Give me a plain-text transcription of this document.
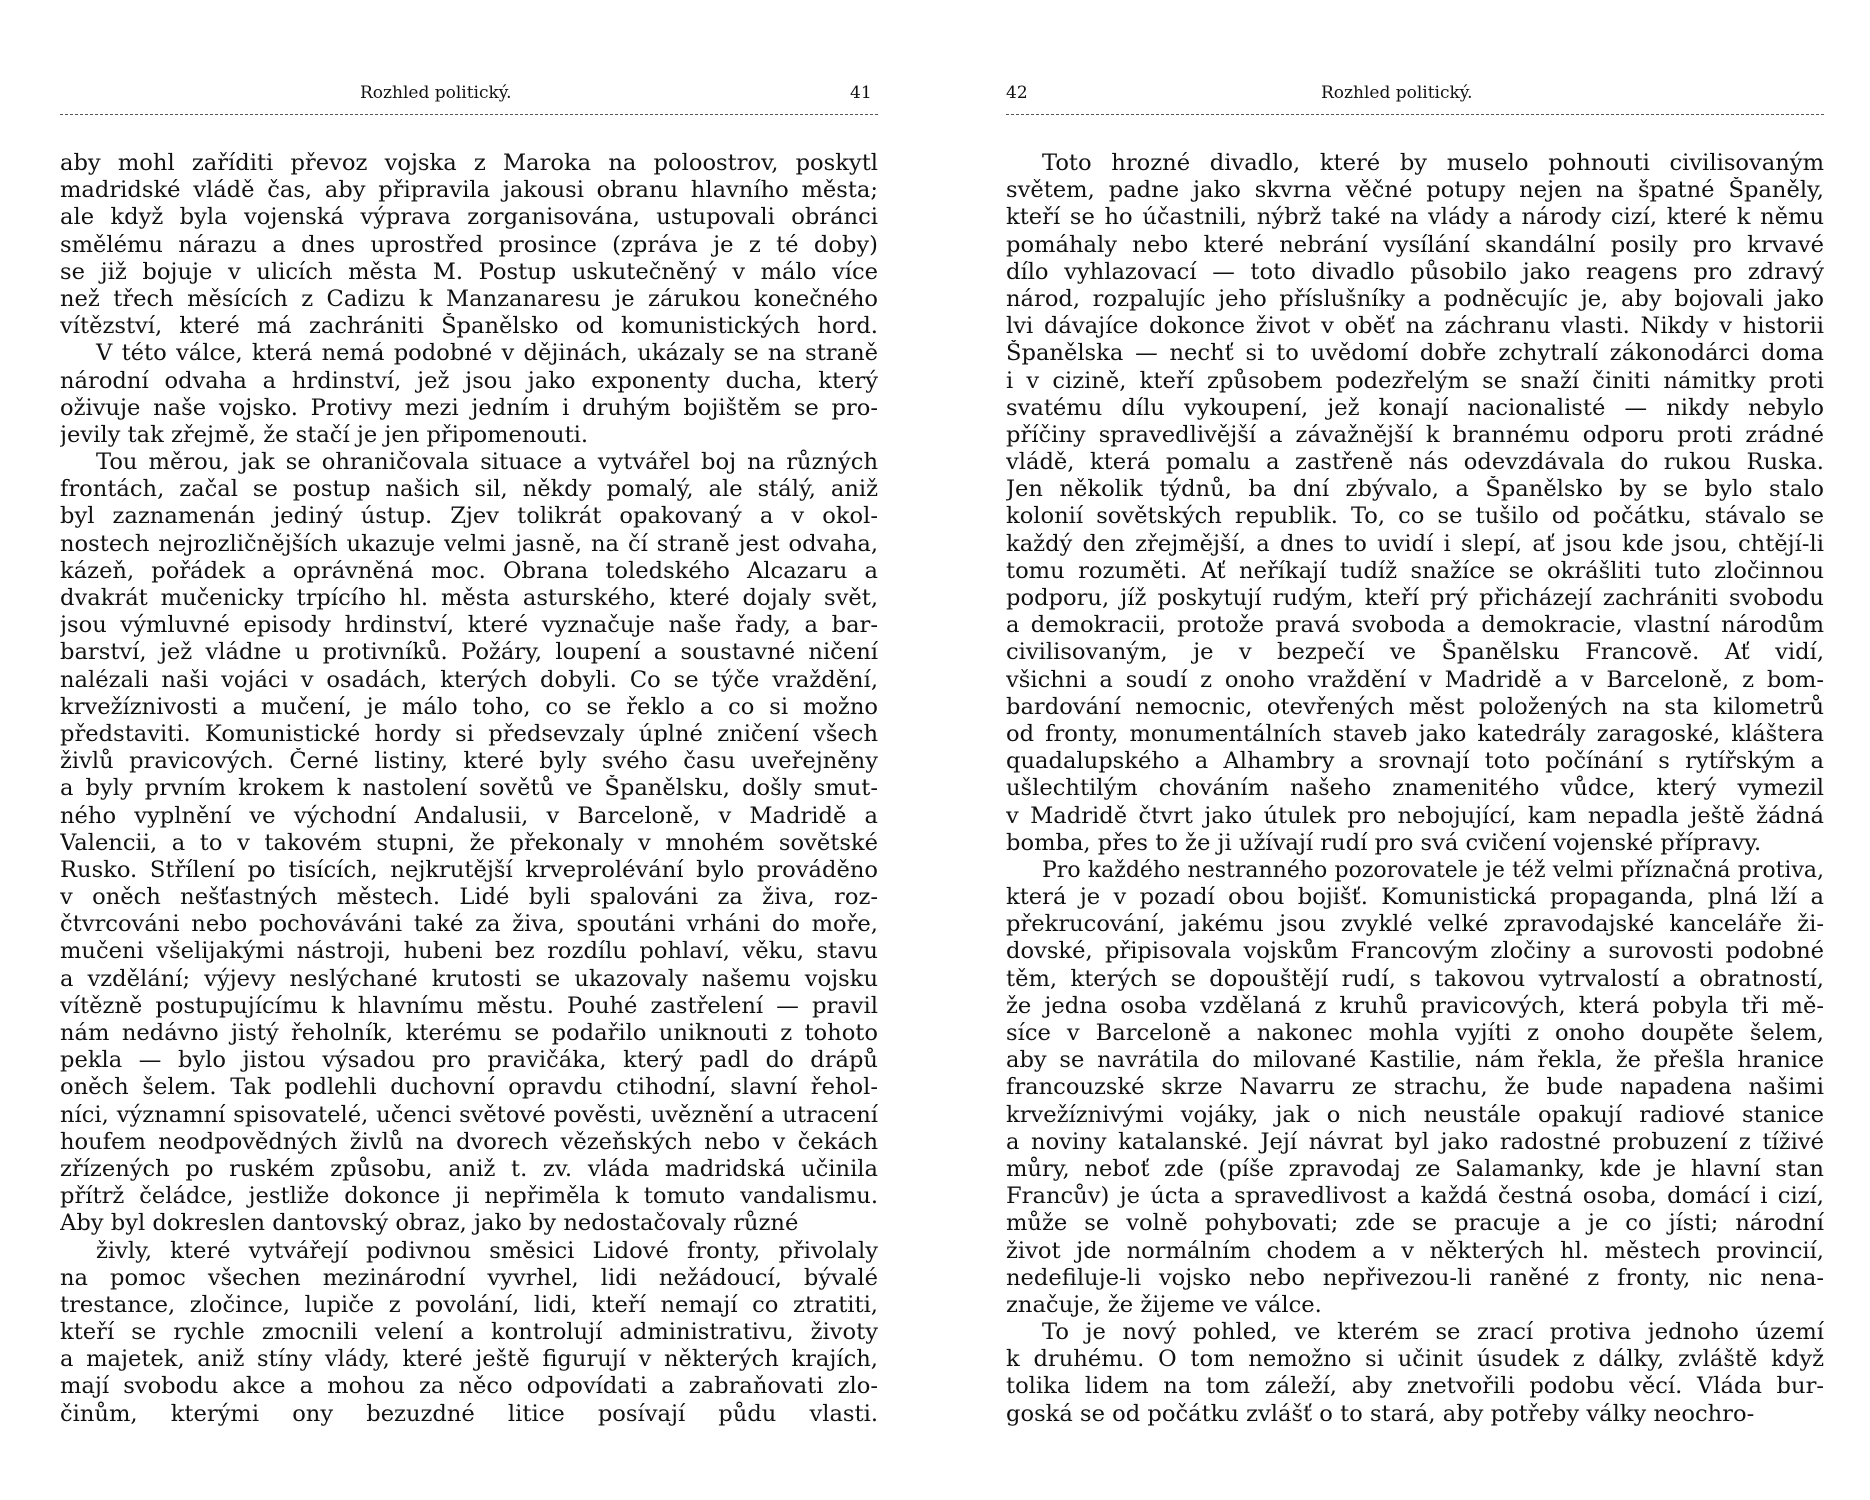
Rozhled politický.	41
aby mohl zaříditi převoz vojska z Maroka na poloostrov, poskytl
madridské vládě čas, aby připravila jakousi obranu hlavního města;
ale když byla vojenská výprava zorganisována, ustupovali obránci
smělému nárazu a dnes uprostřed prosince (zpráva je z té doby)
se již bojuje v ulicích města M. Postup uskutečněný v málo více
než třech měsících z Cadizu k Manzanaresu je zárukou konečného
vítězství, které má zachrániti Španělsko od komunistických hord.
V této válce, která nemá podobné v dějinách, ukázaly se na straně
národní odvaha a hrdinství, jež jsou jako exponenty ducha, který
oživuje naše vojsko. Protivy mezi jedním i druhým bojištěm se pro-
jevily tak zřejmě, že stačí je jen připomenouti.
Tou měrou, jak se ohraničovala situace a vytvářel boj na různých
frontách, začal se postup našich sil, někdy pomalý, ale stálý, aniž
byl zaznamenán jediný ústup. Zjev tolikrát opakovaný a v okol-
nostech nejrozličnějších ukazuje velmi jasně, na čí straně jest odvaha,
kázeň, pořádek a oprávněná moc. Obrana toledského Alcazaru a
dvakrát mučenicky trpícího hl. města asturského, které dojaly svět,
jsou výmluvné episody hrdinství, které vyznačuje naše řady, a bar-
barství, jež vládne u protivníků. Požáry, loupení a soustavné ničení
nalézali naši vojáci v osadách, kterých dobyli. Co se týče vraždění,
krvežíznivosti a mučení, je málo toho, co se řeklo a co si možno
představiti. Komunistické hordy si předsevzaly úplné zničení všech
živlů pravicových. Černé listiny, které byly svého času uveřejněny
a byly prvním krokem k nastolení sovětů ve Španělsku, došly smut-
ného vyplnění ve východní Andalusii, v Barceloně, v Madridě a
Valencii, a to v takovém stupni, že překonaly v mnohém sovětské
Rusko. Střílení po tisících, nejkrutější krveprolévání bylo prováděno
v oněch nešťastných městech. Lidé byli spalováni za živa, roz-
čtvrcováni nebo pochováváni také za živa, spoutáni vrháni do moře,
mučeni všelijakými nástroji, hubeni bez rozdílu pohlaví, věku, stavu
a vzdělání; výjevy neslýchané krutosti se ukazovaly našemu vojsku
vítězně postupujícímu k hlavnímu městu. Pouhé zastřelení — pravil
nám nedávno jistý řeholník, kterému se podařilo uniknouti z tohoto
pekla — bylo jistou výsadou pro pravičáka, který padl do drápů
oněch šelem. Tak podlehli duchovní opravdu ctihodní, slavní řehol-
níci, významní spisovatelé, učenci světové pověsti, uvěznění a utracení
houfem neodpovědných živlů na dvorech vězeňských nebo v čekách
zřízených po ruském způsobu, aniž t. zv. vláda madridská učinila
přítrž čeládce, jestliže dokonce ji nepřiměla k tomuto vandalismu.
Aby byl dokreslen dantovský obraz, jako by nedostačovaly různé
živly, které vytvářejí podivnou směsici Lidové fronty, přivolaly
na pomoc všechen mezinárodní vyvrhel, lidi nežádoucí, bývalé
trestance, zločince, lupiče z povolání, lidi, kteří nemají co ztratiti,
kteří se rychle zmocnili velení a kontrolují administrativu, životy
a majetek, aniž stíny vlády, které ještě figurují v některých krajích,
mají svobodu akce a mohou za něco odpovídati a zabraňovati zlo-
činům, kterými ony bezuzdné litice posívají půdu vlasti.
42	Rozhled politický.
Toto hrozné divadlo, které by muselo pohnouti civilisovaným
světem, padne jako skvrna věčné potupy nejen na špatné Španěly,
kteří se ho účastnili, nýbrž také na vlády a národy cizí, které k němu
pomáhaly nebo které nebrání vysílání skandální posily pro krvavé
dílo vyhlazovací — toto divadlo působilo jako reagens pro zdravý
národ, rozpalujíc jeho příslušníky a podněcujíc je, aby bojovali jako
lvi dávajíce dokonce život v oběť na záchranu vlasti. Nikdy v historii
Španělska — nechť si to uvědomí dobře zchytralí zákonodárci doma
i v cizině, kteří způsobem podezřelým se snaží činiti námitky proti
svatému dílu vykoupení, jež konají nacionalisté — nikdy nebylo
příčiny spravedlivější a závažnější k brannému odporu proti zrádné
vládě, která pomalu a zastřeně nás odevzdávala do rukou Ruska.
Jen několik týdnů, ba dní zbývalo, a Španělsko by se bylo stalo
kolonií sovětských republik. To, co se tušilo od počátku, stávalo se
každý den zřejmější, a dnes to uvidí i slepí, ať jsou kde jsou, chtějí-li
tomu rozuměti. Ať neříkají tudíž snažíce se okrášliti tuto zločinnou
podporu, jíž poskytují rudým, kteří prý přicházejí zachrániti svobodu
a demokracii, protože pravá svoboda a demokracie, vlastní národům
civilisovaným, je v bezpečí ve Španělsku Francově. Ať vidí,
všichni a soudí z onoho vraždění v Madridě a v Barceloně, z bom-
bardování nemocnic, otevřených měst položených na sta kilometrů
od fronty, monumentálních staveb jako katedrály zaragoské, kláštera
quadalupského a Alhambry a srovnají toto počínání s rytířským a
ušlechtilým chováním našeho znamenitého vůdce, který vymezil
v Madridě čtvrt jako útulek pro nebojující, kam nepadla ještě žádná
bomba, přes to že ji užívají rudí pro svá cvičení vojenské přípravy.
Pro každého nestranného pozorovatele je též velmi příznačná protiva,
která je v pozadí obou bojišť. Komunistická propaganda, plná lží a
překrucování, jakému jsou zvyklé velké zpravodajské kanceláře ži-
dovské, připisovala vojskům Francovým zločiny a surovosti podobné
těm, kterých se dopouštějí rudí, s takovou vytrvalostí a obratností,
že jedna osoba vzdělaná z kruhů pravicových, která pobyla tři mě-
síce v Barceloně a nakonec mohla vyjíti z onoho doupěte šelem,
aby se navrátila do milované Kastilie, nám řekla, že přešla hranice
francouzské skrze Navarru ze strachu, že bude napadena našimi
krvežíznivými vojáky, jak o nich neustále opakují radiové stanice
a noviny katalanské. Její návrat byl jako radostné probuzení z tíživé
můry, neboť zde (píše zpravodaj ze Salamanky, kde je hlavní stan
Francův) je úcta a spravedlivost a každá čestná osoba, domácí i cizí,
může se volně pohybovati; zde se pracuje a je co jísti; národní
život jde normálním chodem a v některých hl. městech provincií,
nedefiluje-li vojsko nebo nepřivezou-li raněné z fronty, nic nena-
značuje, že žijeme ve válce.
To je nový pohled, ve kterém se zrací protiva jednoho území
k druhému. O tom nemožno si učinit úsudek z dálky, zvláště když
tolika lidem na tom záleží, aby znetvořili podobu věcí. Vláda bur-
goská se od počátku zvlášť o to stará, aby potřeby války neochro-
